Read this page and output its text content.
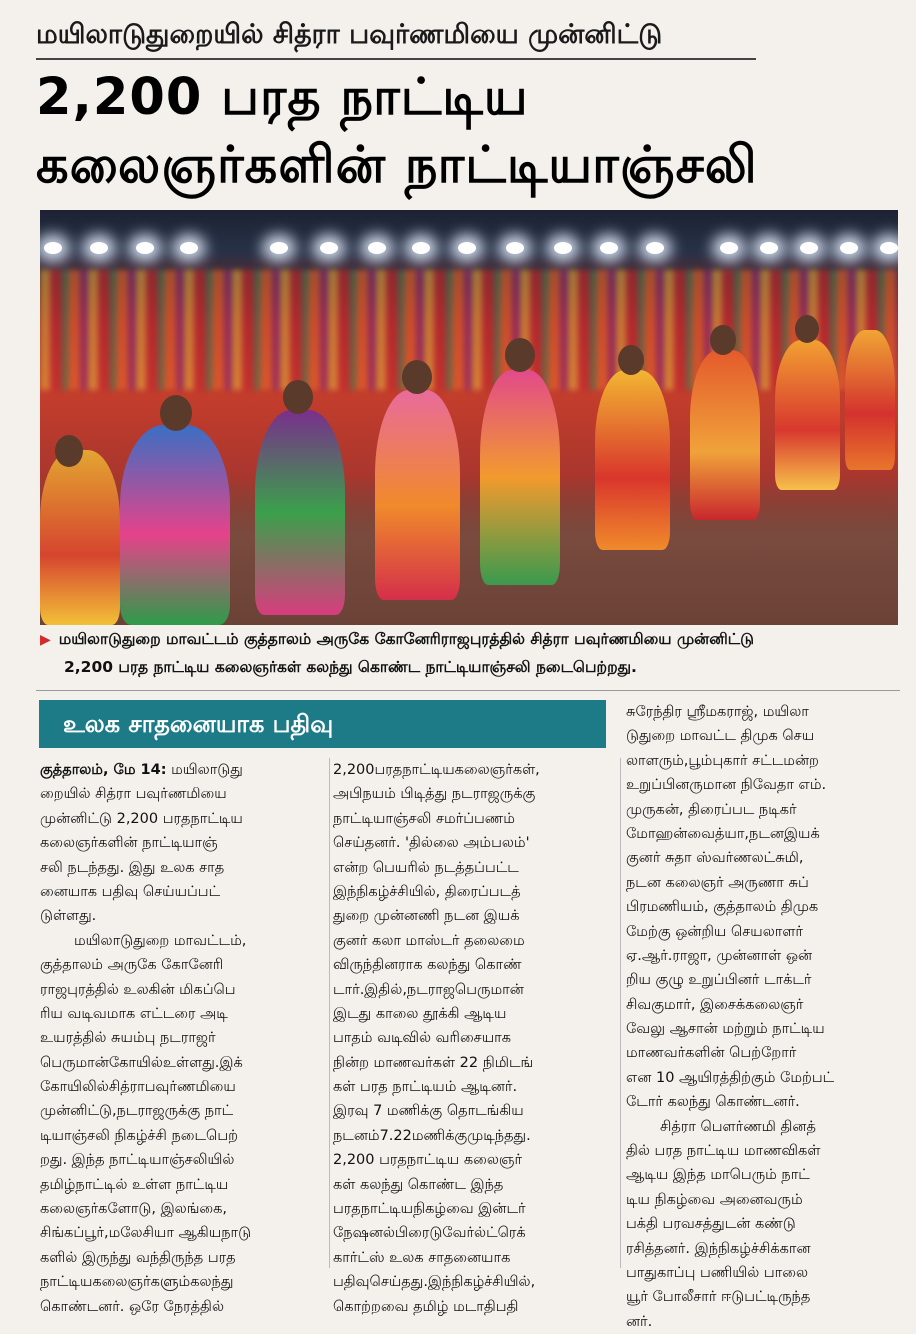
மயிலாடுதுறையில் சித்ரா பவுர்ணமியை முன்னிட்டு
2,200 பரத நாட்டிய
கலைஞர்களின் நாட்டியாஞ்சலி
▶ மயிலாடுதுறை மாவட்டம் குத்தாலம் அருகே கோனேரிராஜபுரத்தில் சித்ரா பவுர்ணமியை முன்னிட்டு
2,200 பரத நாட்டிய கலைஞர்கள் கலந்து கொண்ட நாட்டியாஞ்சலி நடைபெற்றது.
உலக சாதனையாக பதிவு
குத்தாலம், மே 14: மயிலாடுது
றையில் சித்ரா பவுர்ணமியை
முன்னிட்டு 2,200 பரதநாட்டிய
கலைஞர்களின் நாட்டியாஞ்
சலி நடந்தது. இது உலக சாத
னையாக பதிவு செய்யப்பட்
டுள்ளது.
மயிலாடுதுறை மாவட்டம்,
குத்தாலம் அருகே கோனேரி
ராஜபுரத்தில் உலகின் மிகப்பெ
ரிய வடிவமாக எட்டரை அடி
உயரத்தில் சுயம்பு நடராஜர்
பெருமான்கோயில்உள்ளது.இக்
கோயிலில்சித்ராபவுர்ணமியை
முன்னிட்டு,நடராஜருக்கு நாட்
டியாஞ்சலி நிகழ்ச்சி நடைபெற்
றது. இந்த நாட்டியாஞ்சலியில்
தமிழ்நாட்டில் உள்ள நாட்டிய
கலைஞர்களோடு, இலங்கை,
சிங்கப்பூர்,மலேசியா ஆகியநாடு
களில் இருந்து வந்திருந்த பரத
நாட்டியகலைஞர்களும்கலந்து
கொண்டனர். ஒரே நேரத்தில்
2,200பரதநாட்டியகலைஞர்கள்,
அபிநயம் பிடித்து நடராஜருக்கு
நாட்டியாஞ்சலி சமர்ப்பணம்
செய்தனர். 'தில்லை அம்பலம்'
என்ற பெயரில் நடத்தப்பட்ட
இந்நிகழ்ச்சியில், திரைப்படத்
துறை முன்னணி நடன இயக்
குனர் கலா மாஸ்டர் தலைமை
விருந்தினராக கலந்து கொண்
டார்.இதில்,நடராஜபெருமான்
இடது காலை தூக்கி ஆடிய
பாதம் வடிவில் வரிசையாக
நின்ற மாணவர்கள் 22 நிமிடங்
கள் பரத நாட்டியம் ஆடினர்.
இரவு 7 மணிக்கு தொடங்கிய
நடனம்7.22மணிக்குமுடிந்தது.
2,200 பரதநாட்டிய கலைஞர்
கள் கலந்து கொண்ட இந்த
பரதநாட்டியநிகழ்வை இன்டர்
நேஷனல்பிரைடுவேர்ல்ட்ரெக்
கார்ட்ஸ் உலக சாதனையாக
பதிவுசெய்தது.இந்நிகழ்ச்சியில்,
கொற்றவை தமிழ் மடாதிபதி
சுரேந்திர ஸ்ரீமகராஜ், மயிலா
டுதுறை மாவட்ட திமுக செய
லாளரும்,பூம்புகார் சட்டமன்ற
உறுப்பினருமான நிவேதா எம்.
முருகன், திரைப்பட நடிகர்
மோஹன்வைத்யா,நடனஇயக்
குனர் சுதா ஸ்வர்ணலட்சுமி,
நடன கலைஞர் அருணா சுப்
பிரமணியம், குத்தாலம் திமுக
மேற்கு ஒன்றிய செயலாளர்
ஏ.ஆர்.ராஜா, முன்னாள் ஒன்
றிய குழு உறுப்பினர் டாக்டர்
சிவகுமார், இசைக்கலைஞர்
வேலு ஆசான் மற்றும் நாட்டிய
மாணவர்களின் பெற்றோர்
என 10 ஆயிரத்திற்கும் மேற்பட்
டோர் கலந்து கொண்டனர்.
சித்ரா பௌர்ணமி தினத்
தில் பரத நாட்டிய மாணவிகள்
ஆடிய இந்த மாபெரும் நாட்
டிய நிகழ்வை அனைவரும்
பக்தி பரவசத்துடன் கண்டு
ரசித்தனர். இந்நிகழ்ச்சிக்கான
பாதுகாப்பு பணியில் பாலை
யூர் போலீசார் ஈடுபட்டிருந்த
னர்.
